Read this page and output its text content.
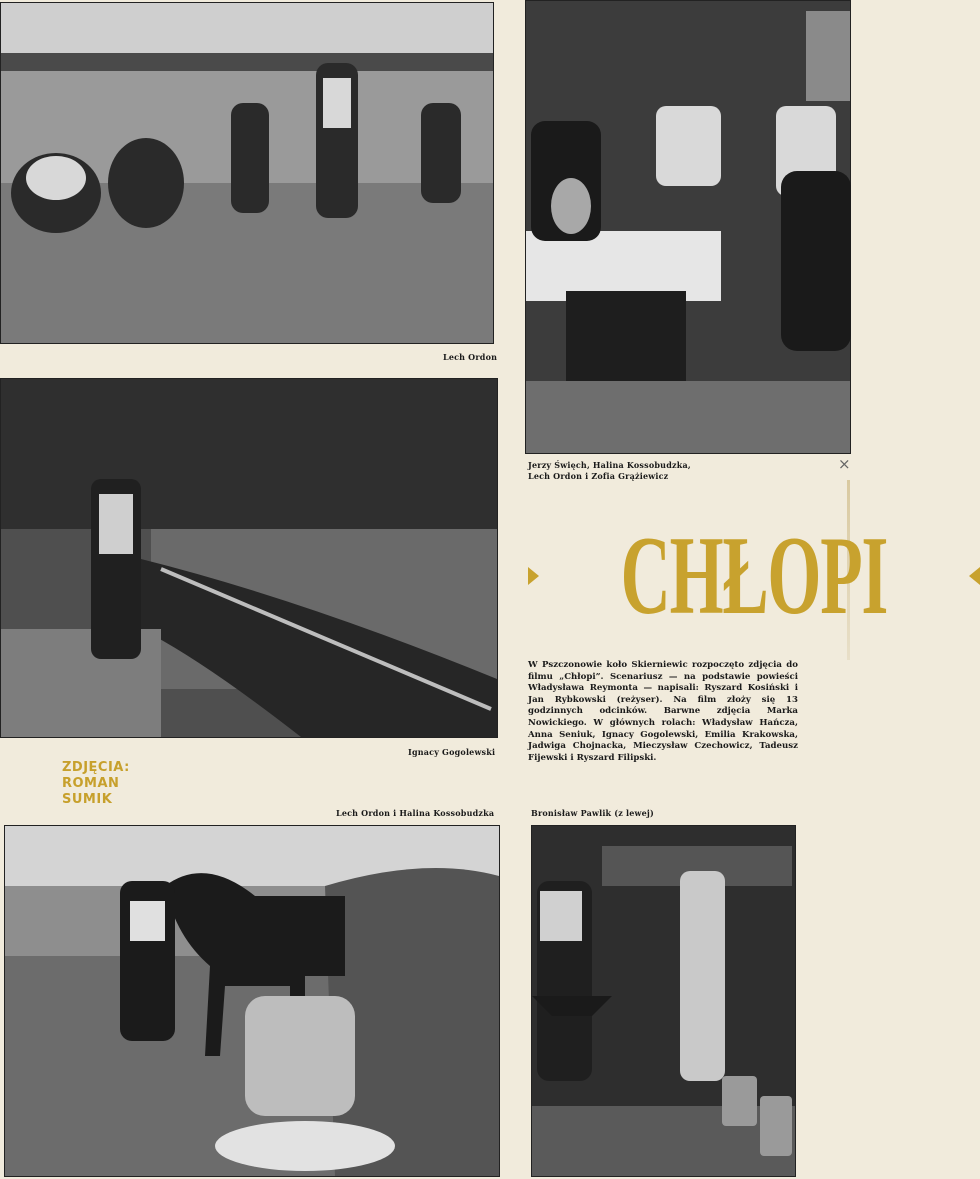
Lech Ordon
Jerzy Święch, Halina Kossobudzka, Lech Ordon i Zofia Grążiewicz
×
Ignacy Gogolewski
ZDJĘCIA:
ROMAN
SUMIK
CHŁOPI
W Pszczonowie koło Skierniewic rozpoczęto zdjęcia do filmu „Chłopi”. Scenariusz — na podstawie powieści Władysława Reymonta — napisali: Ryszard Kosiński i Jan Rybkowski (reżyser). Na film złoży się 13 godzinnych odcinków. Barwne zdjęcia Marka Nowickiego. W głównych rolach: Władysław Hańcza, Anna Seniuk, Ignacy Gogolewski, Emilia Krakowska, Jadwiga Chojnacka, Mieczysław Czechowicz, Tadeusz Fijewski i Ryszard Filipski.
Lech Ordon i Halina Kossobudzka	Bronisław Pawlik (z lewej)
